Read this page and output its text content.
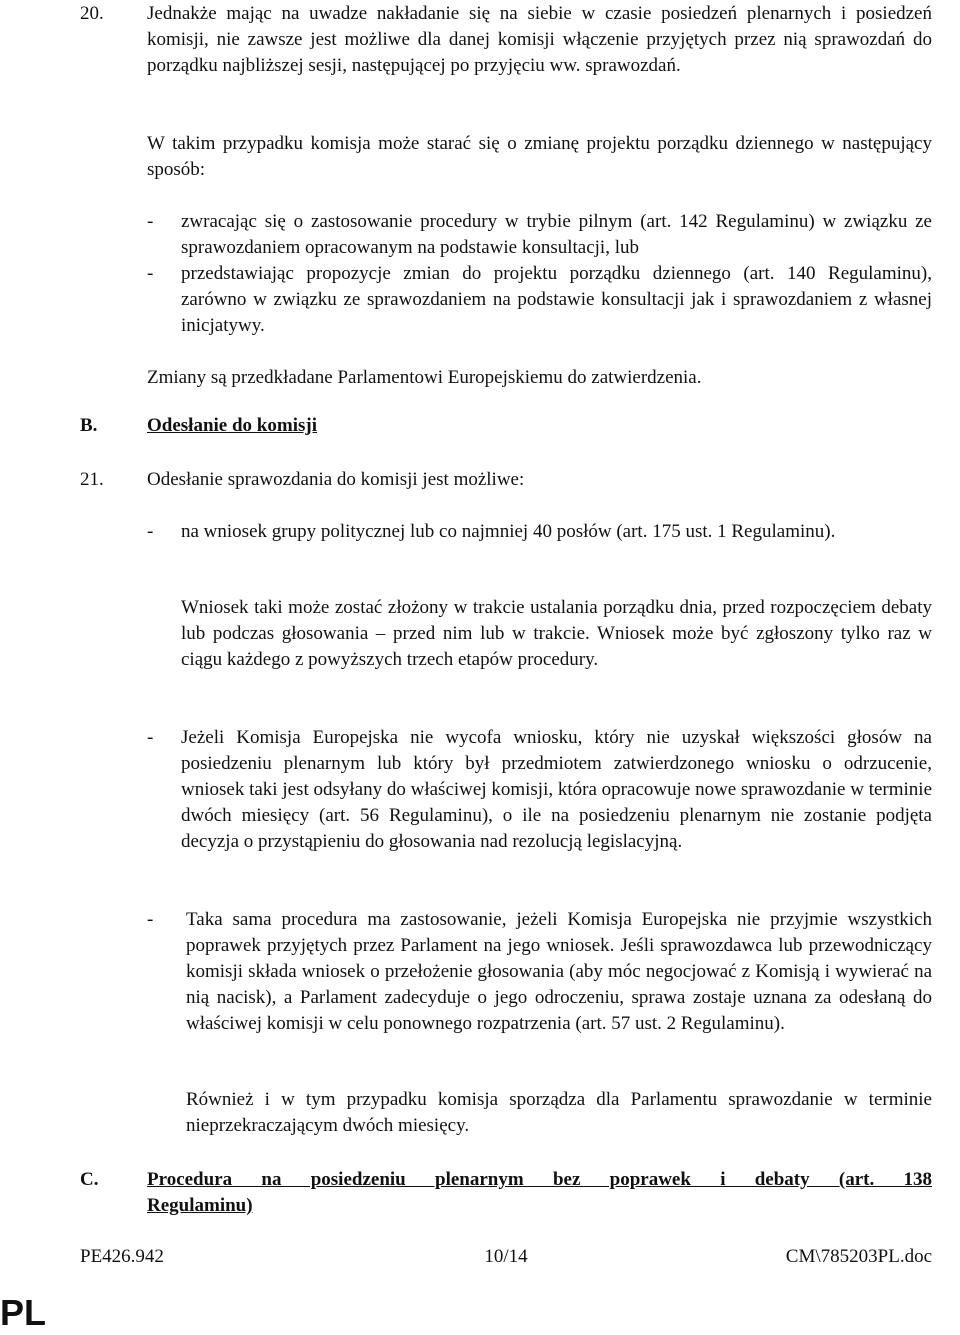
20. Jednakże mając na uwadze nakładanie się na siebie w czasie posiedzeń plenarnych i posiedzeń komisji, nie zawsze jest możliwe dla danej komisji włączenie przyjętych przez nią sprawozdań do porządku najbliższej sesji, następującej po przyjęciu ww. sprawozdań.
W takim przypadku komisja może starać się o zmianę projektu porządku dziennego w następujący sposób:
- zwracając się o zastosowanie procedury w trybie pilnym (art. 142 Regulaminu) w związku ze sprawozdaniem opracowanym na podstawie konsultacji, lub
- przedstawiając propozycje zmian do projektu porządku dziennego (art. 140 Regulaminu), zarówno w związku ze sprawozdaniem na podstawie konsultacji jak i sprawozdaniem z własnej inicjatywy.
Zmiany są przedkładane Parlamentowi Europejskiemu do zatwierdzenia.
B.	Odesłanie do komisji
21. Odesłanie sprawozdania do komisji jest możliwe:
- na wniosek grupy politycznej lub co najmniej 40 posłów (art. 175 ust. 1 Regulaminu).
Wniosek taki może zostać złożony w trakcie ustalania porządku dnia, przed rozpoczęciem debaty lub podczas głosowania – przed nim lub w trakcie. Wniosek może być zgłoszony tylko raz w ciągu każdego z powyższych trzech etapów procedury.
- Jeżeli Komisja Europejska nie wycofa wniosku, który nie uzyskał większości głosów na posiedzeniu plenarnym lub który był przedmiotem zatwierdzonego wniosku o odrzucenie, wniosek taki jest odsyłany do właściwej komisji, która opracowuje nowe sprawozdanie w terminie dwóch miesięcy (art. 56 Regulaminu), o ile na posiedzeniu plenarnym nie zostanie podjęta decyzja o przystąpieniu do głosowania nad rezolucją legislacyjną.
- Taka sama procedura ma zastosowanie, jeżeli Komisja Europejska nie przyjmie wszystkich poprawek przyjętych przez Parlament na jego wniosek. Jeśli sprawozdawca lub przewodniczący komisji składa wniosek o przełożenie głosowania (aby móc negocjować z Komisją i wywierać na nią nacisk), a Parlament zadecyduje o jego odroczeniu, sprawa zostaje uznana za odesłaną do właściwej komisji w celu ponownego rozpatrzenia (art. 57 ust. 2 Regulaminu).
Również i w tym przypadku komisja sporządza dla Parlamentu sprawozdanie w terminie nieprzekraczającym dwóch miesięcy.
C.	Procedura na posiedzeniu plenarnym bez poprawek i debaty (art. 138
Regulaminu)
PE426.942	10/14	CM\785203PL.doc
PL
